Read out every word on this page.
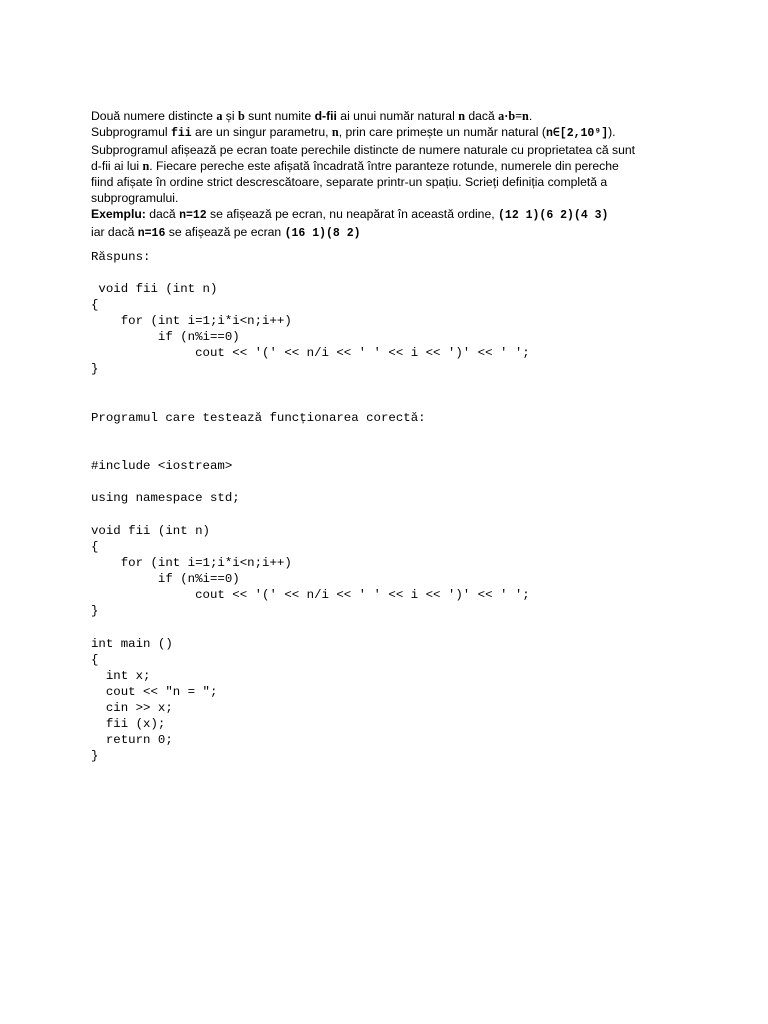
Două numere distincte a și b sunt numite d-fii ai unui număr natural n dacă a·b=n.

Subprogramul fii are un singur parametru, n, prin care primește un număr natural (n∈[2,10⁹]).

Subprogramul afișează pe ecran toate perechile distincte de numere naturale cu proprietatea că sunt

d-fii ai lui n. Fiecare pereche este afișată încadrată între paranteze rotunde, numerele din pereche

fiind afișate în ordine strict descrescătoare, separate printr-un spațiu. Scrieți definiția completă a

subprogramului.

Exemplu: dacă n=12 se afișează pe ecran, nu neapărat în această ordine, (12 1)(6 2)(4 3)

iar dacă n=16 se afișează pe ecran (16 1)(8 2)

Răspuns:
void fii (int n)
{
for (int i=1;i*i<n;i++)
if (n%i==0)
cout << '(' << n/i << ' ' << i << ')' << ' ';
}
Programul care testează funcționarea corectă:
#include <iostream>
using namespace std;
void fii (int n)
{
for (int i=1;i*i<n;i++)
if (n%i==0)
cout << '(' << n/i << ' ' << i << ')' << ' ';
}

int main ()
{
int x;
cout << "n = ";
cin >> x;
fii (x);
return 0;
}
